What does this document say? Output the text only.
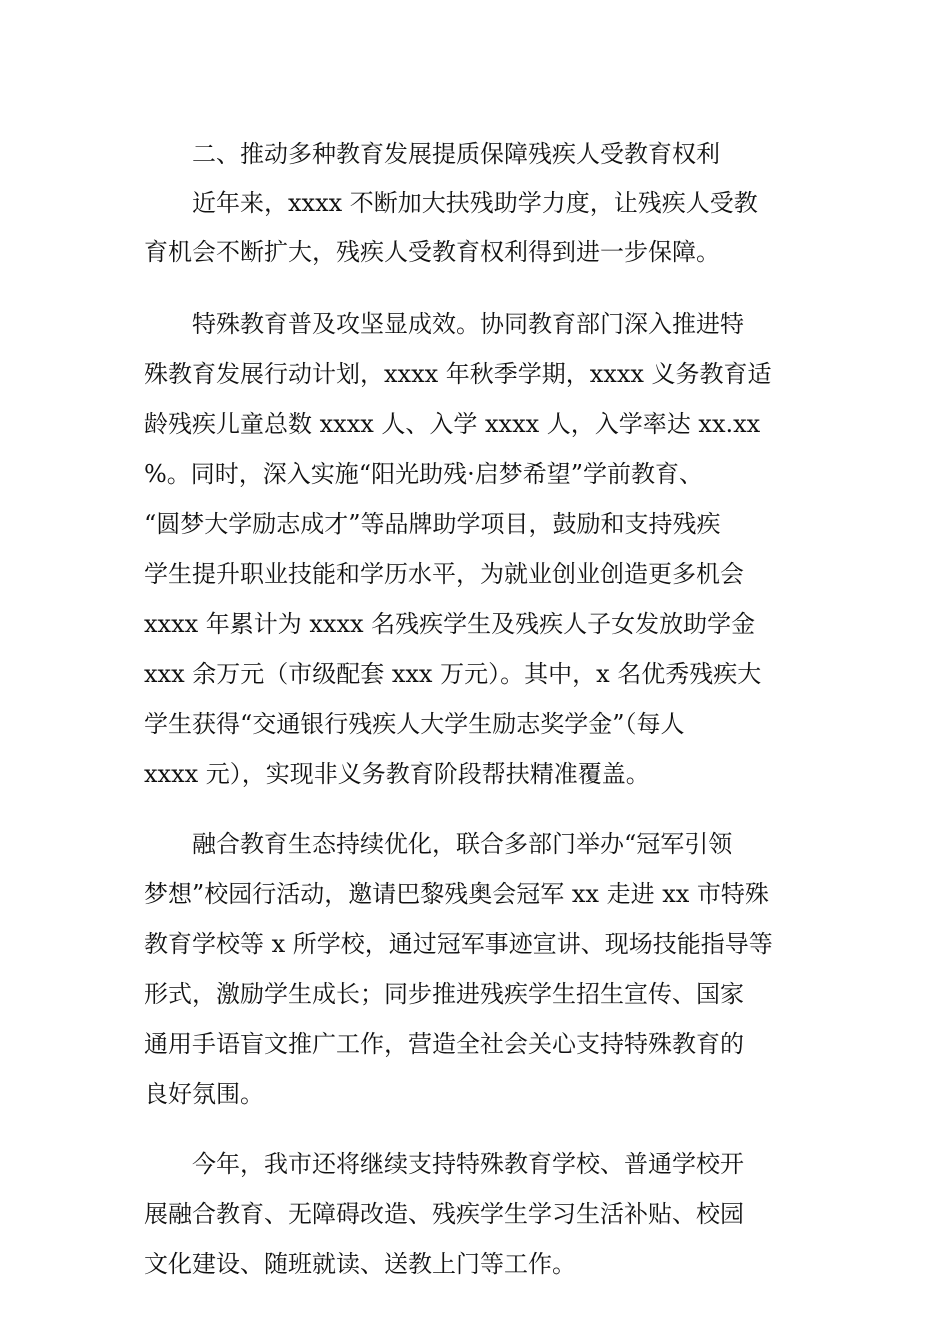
二、推动多种教育发展提质保障残疾人受教育权利
近年来，xxxx 不断加大扶残助学力度，让残疾人受教
育机会不断扩大，残疾人受教育权利得到进一步保障。
特殊教育普及攻坚显成效。协同教育部门深入推进特
殊教育发展行动计划，xxxx 年秋季学期，xxxx 义务教育适
龄残疾儿童总数 xxxx 人、入学 xxxx 人，入学率达 xx.xx
%。同时，深入实施“阳光助残·启梦希望”学前教育、
“圆梦大学励志成才”等品牌助学项目，鼓励和支持残疾
学生提升职业技能和学历水平，为就业创业创造更多机会
xxxx 年累计为 xxxx 名残疾学生及残疾人子女发放助学金
xxx 余万元（市级配套 xxx 万元）。其中，x 名优秀残疾大
学生获得“交通银行残疾人大学生励志奖学金”（每人
xxxx 元），实现非义务教育阶段帮扶精准覆盖。
融合教育生态持续优化，联合多部门举办“冠军引领
梦想”校园行活动，邀请巴黎残奥会冠军 xx 走进 xx 市特殊
教育学校等 x 所学校，通过冠军事迹宣讲、现场技能指导等
形式，激励学生成长；同步推进残疾学生招生宣传、国家
通用手语盲文推广工作，营造全社会关心支持特殊教育的
良好氛围。
今年，我市还将继续支持特殊教育学校、普通学校开
展融合教育、无障碍改造、残疾学生学习生活补贴、校园
文化建设、随班就读、送教上门等工作。
